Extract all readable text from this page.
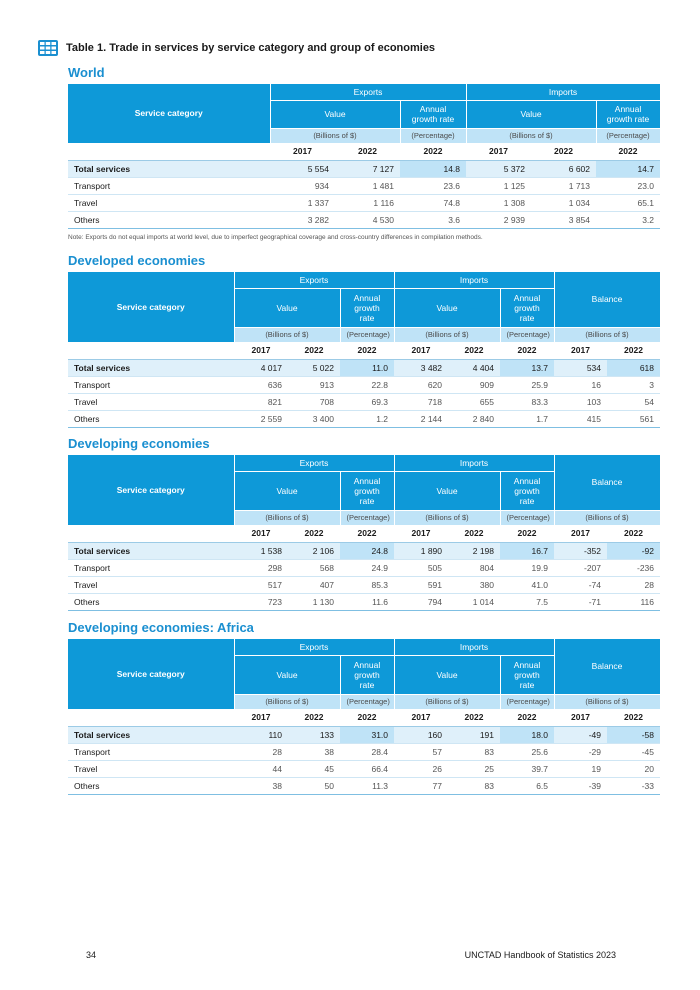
Table 1. Trade in services by service category and group of economies
World
Service category	Exports			Imports		
	Value		Annual growth rate	Value		Annual growth rate
	(Billions of $)		(Percentage)	(Billions of $)		(Percentage)
	2017	2022	2022	2017	2022	2022
Total services	5 554	7 127	14.8	5 372	6 602	14.7
Transport	934	1 481	23.6	1 125	1 713	23.0
Travel	1 337	1 116	74.8	1 308	1 034	65.1
Others	3 282	4 530	3.6	2 939	3 854	3.2
Note: Exports do not equal imports at world level, due to imperfect geographical coverage and cross-country differences in compilation methods.
Developed economies
Service category	Exports			Imports			Balance	
	Value		Annual growth rate	Value		Annual growth rate		
	(Billions of $)		(Percentage)	(Billions of $)		(Percentage)	(Billions of $)	
	2017	2022	2022	2017	2022	2022	2017	2022
Total services	4 017	5 022	11.0	3 482	4 404	13.7	534	618
Transport	636	913	22.8	620	909	25.9	16	3
Travel	821	708	69.3	718	655	83.3	103	54
Others	2 559	3 400	1.2	2 144	2 840	1.7	415	561
Developing economies
Service category	Exports			Imports			Balance	
	Value		Annual growth rate	Value		Annual growth rate		
	(Billions of $)		(Percentage)	(Billions of $)		(Percentage)	(Billions of $)	
	2017	2022	2022	2017	2022	2022	2017	2022
Total services	1 538	2 106	24.8	1 890	2 198	16.7	-352	-92
Transport	298	568	24.9	505	804	19.9	-207	-236
Travel	517	407	85.3	591	380	41.0	-74	28
Others	723	1 130	11.6	794	1 014	7.5	-71	116
Developing economies: Africa
Service category	Exports			Imports			Balance	
	Value		Annual growth rate	Value		Annual growth rate		
	(Billions of $)		(Percentage)	(Billions of $)		(Percentage)	(Billions of $)	
	2017	2022	2022	2017	2022	2022	2017	2022
Total services	110	133	31.0	160	191	18.0	-49	-58
Transport	28	38	28.4	57	83	25.6	-29	-45
Travel	44	45	66.4	26	25	39.7	19	20
Others	38	50	11.3	77	83	6.5	-39	-33
34	UNCTAD Handbook of Statistics 2023
